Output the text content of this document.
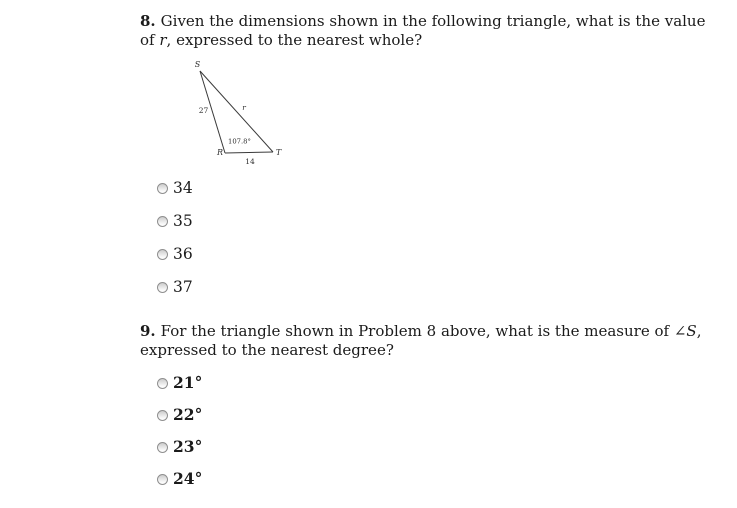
8. Given the dimensions shown in the following triangle, what is the value
of r, expressed to the nearest whole?
S
R	T
27	r
14
107.8°
34
35
36
37
9. For the triangle shown in Problem 8 above, what is the measure of ∠S,
expressed to the nearest degree?
21°
22°
23°
24°
